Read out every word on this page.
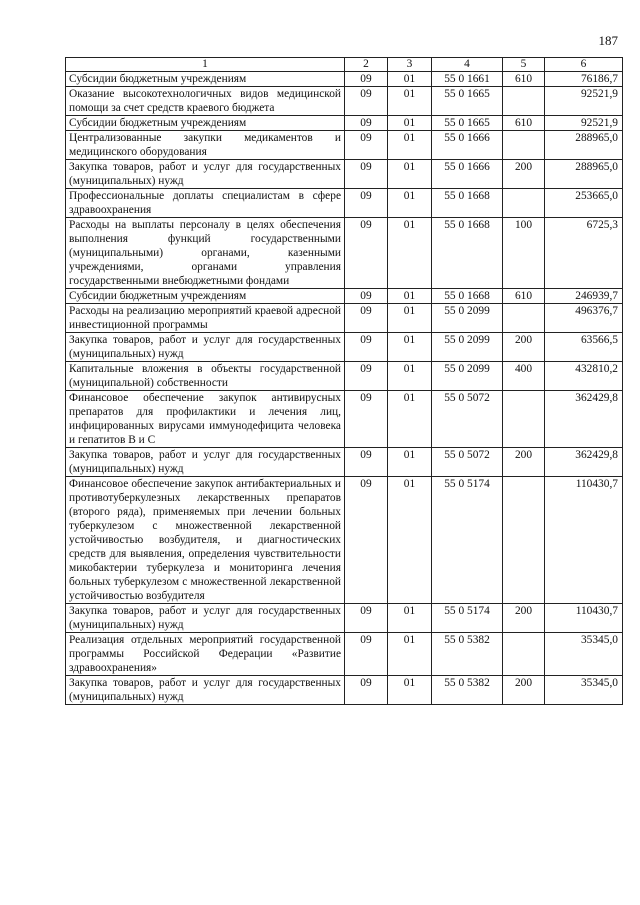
187
1	2	3	4	5	6
Субсидии бюджетным учреждениям	09	01	55 0 1661	610	76186,7
Оказание высокотехнологичных видов медицинской помощи за счет средств краевого бюджета	09	01	55 0 1665		92521,9
Субсидии бюджетным учреждениям	09	01	55 0 1665	610	92521,9
Централизованные закупки медикаментов и медицинского оборудования	09	01	55 0 1666		288965,0
Закупка товаров, работ и услуг для государственных (муниципальных) нужд	09	01	55 0 1666	200	288965,0
Профессиональные доплаты специалистам в сфере здравоохранения	09	01	55 0 1668		253665,0
Расходы на выплаты персоналу в целях обеспечения выполнения функций государственными (муниципальными) органами, казенными учреждениями, органами управления государственными внебюджетными фондами	09	01	55 0 1668	100	6725,3
Субсидии бюджетным учреждениям	09	01	55 0 1668	610	246939,7
Расходы на реализацию мероприятий краевой адресной инвестиционной программы	09	01	55 0 2099		496376,7
Закупка товаров, работ и услуг для государственных (муниципальных) нужд	09	01	55 0 2099	200	63566,5
Капитальные вложения в объекты государственной (муниципальной) собственности	09	01	55 0 2099	400	432810,2
Финансовое обеспечение закупок антивирусных препаратов для профилактики и лечения лиц, инфицированных вирусами иммунодефицита человека и гепатитов В и С	09	01	55 0 5072		362429,8
Закупка товаров, работ и услуг для государственных (муниципальных) нужд	09	01	55 0 5072	200	362429,8
Финансовое обеспечение закупок антибактериальных и противотуберкулезных лекарственных препаратов (второго ряда), применяемых при лечении больных туберкулезом с множественной лекарственной устойчивостью возбудителя, и диагностических средств для выявления, определения чувствительности микобактерии туберкулеза и мониторинга лечения больных туберкулезом с множественной лекарственной устойчивостью возбудителя	09	01	55 0 5174		110430,7
Закупка товаров, работ и услуг для государственных (муниципальных) нужд	09	01	55 0 5174	200	110430,7
Реализация отдельных мероприятий государственной программы Российской Федерации «Развитие здравоохранения»	09	01	55 0 5382		35345,0
Закупка товаров, работ и услуг для государственных (муниципальных) нужд	09	01	55 0 5382	200	35345,0
